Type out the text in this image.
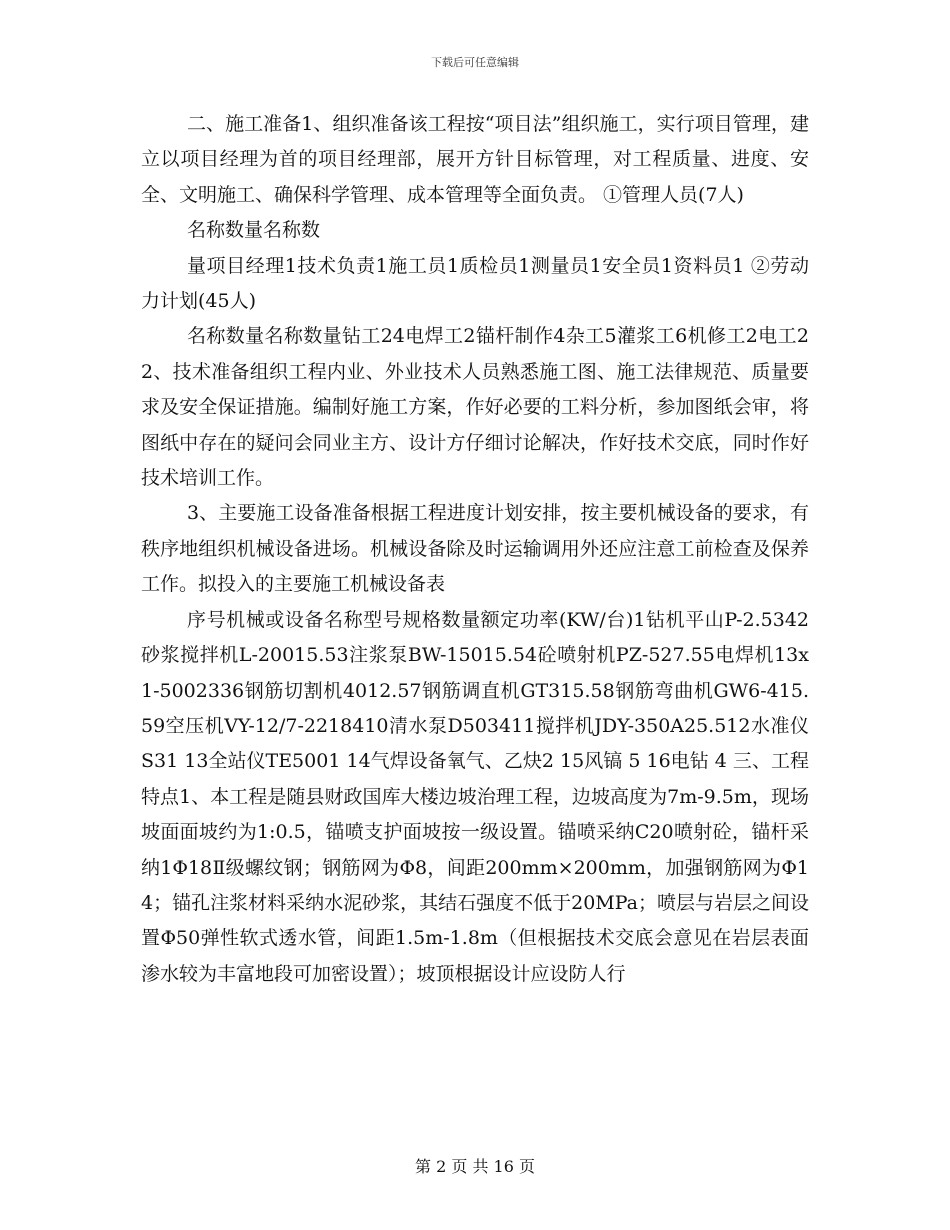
下载后可任意编辑

二、施工准备1、组织准备该工程按“项目法”组织施工，实行项目管理，建立以项目经理为首的项目经理部，展开方针目标管理，对工程质量、进度、安全、文明施工、确保科学管理、成本管理等全面负责。 ①管理人员(7人)

名称数量名称数

量项目经理1技术负责1施工员1质检员1测量员1安全员1资料员1 ②劳动力计划(45人)

名称数量名称数量钻工24电焊工2锚杆制作4杂工5灌浆工6机修工2电工2　 2、技术准备组织工程内业、外业技术人员熟悉施工图、施工法律规范、质量要求及安全保证措施。编制好施工方案，作好必要的工料分析，参加图纸会审，将图纸中存在的疑问会同业主方、设计方仔细讨论解决，作好技术交底，同时作好技术培训工作。

3、主要施工设备准备根据工程进度计划安排，按主要机械设备的要求，有秩序地组织机械设备进场。机械设备除及时运输调用外还应注意工前检查及保养工作。拟投入的主要施工机械设备表

序号机械或设备名称型号规格数量额定功率(KW/台)1钻机平山P-2.5342砂浆搅拌机L-20015.53注浆泵BW-15015.54砼喷射机PZ-527.55电焊机13x1-5002336钢筋切割机4012.57钢筋调直机GT315.58钢筋弯曲机GW6-415.59空压机VY-12/7-2218410清水泵D503411搅拌机JDY-350A25.512水准仪S31 13全站仪TE5001 14气焊设备氧气、乙炔2 15风镐 5 16电钻 4 三、工程特点1、本工程是随县财政国库大楼边坡治理工程，边坡高度为7m-9.5m，现场坡面面坡约为1:0.5，锚喷支护面坡按一级设置。锚喷采纳C20喷射砼，锚杆采纳1Φ18Ⅱ级螺纹钢；钢筋网为Φ8，间距200mm×200mm，加强钢筋网为Φ14；锚孔注浆材料采纳水泥砂浆，其结石强度不低于20MPa；喷层与岩层之间设置Φ50弹性软式透水管，间距1.5m-1.8m（但根据技术交底会意见在岩层表面渗水较为丰富地段可加密设置）；坡顶根据设计应设防人行

第 2 页 共 16 页
